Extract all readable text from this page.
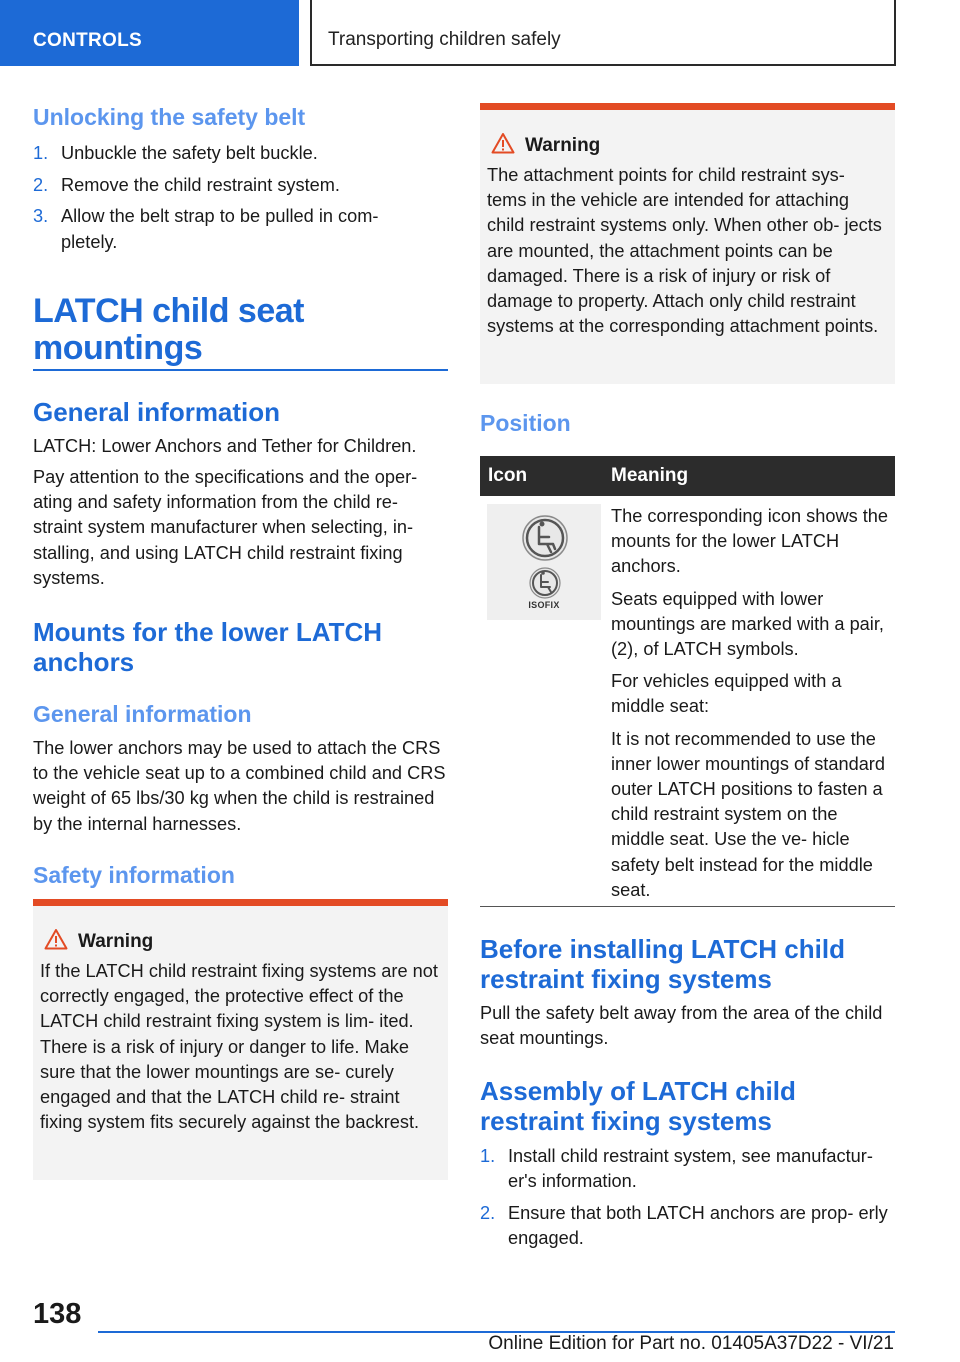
CONTROLS	Transporting children safely
Unlocking the safety belt
1. Unbuckle the safety belt buckle.
2. Remove the child restraint system.
3. Allow the belt strap to be pulled in com‐ pletely.
LATCH child seat mountings
General information
LATCH: Lower Anchors and Tether for Children.
Pay attention to the specifications and the oper‐ ating and safety information from the child re‐ straint system manufacturer when selecting, in‐ stalling, and using LATCH child restraint fixing systems.
Mounts for the lower LATCH anchors
General information
The lower anchors may be used to attach the CRS to the vehicle seat up to a combined child and CRS weight of 65 lbs/30 kg when the child is restrained by the internal harnesses.
Safety information
Warning
If the LATCH child restraint fixing systems are not correctly engaged, the protective effect of the LATCH child restraint fixing system is lim‐ ited. There is a risk of injury or danger to life. Make sure that the lower mountings are se‐ curely engaged and that the LATCH child re‐ straint fixing system fits securely against the backrest.
Warning
The attachment points for child restraint sys‐ tems in the vehicle are intended for attaching child restraint systems only. When other ob‐ jects are mounted, the attachment points can be damaged. There is a risk of injury or risk of damage to property. Attach only child restraint systems at the corresponding attachment points.
Position
Icon	Meaning

ISOFIX	The corresponding icon shows the mounts for the lower LATCH anchors.
Seats equipped with lower mountings are marked with a pair, (2), of LATCH symbols.
For vehicles equipped with a middle seat:
It is not recommended to use the inner lower mountings of standard outer LATCH positions to fasten a child restraint system on the middle seat. Use the ve‐ hicle safety belt instead for the middle seat.
Before installing LATCH child restraint fixing systems
Pull the safety belt away from the area of the child seat mountings.
Assembly of LATCH child restraint fixing systems
1. Install child restraint system, see manufactur‐ er's information.
2. Ensure that both LATCH anchors are prop‐ erly engaged.
138
Online Edition for Part no. 01405A37D22 - VI/21
